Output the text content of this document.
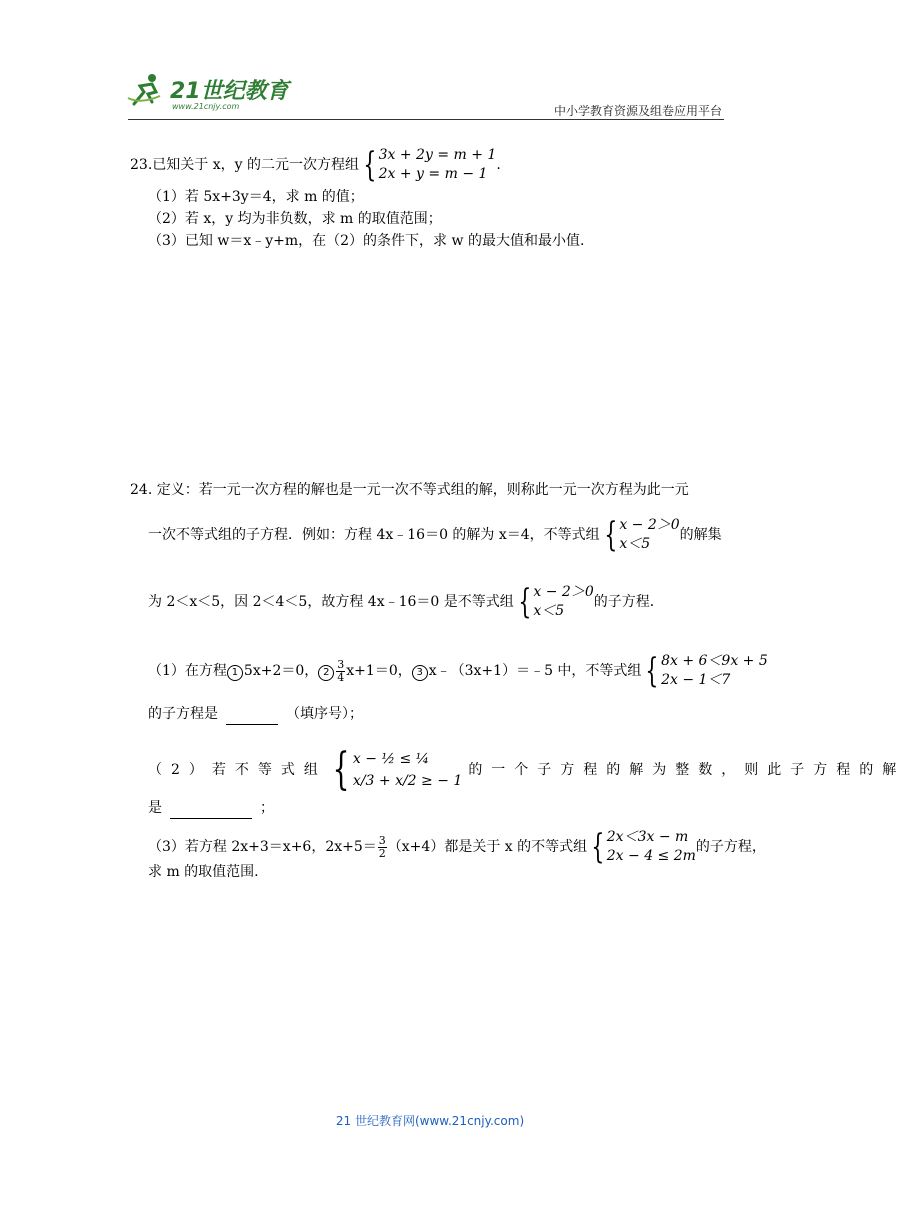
21世纪教育
www.21cnjy.com	中小学教育资源及组卷应用平台
23.已知关于 x，y 的二元一次方程组 { 3x + 2y = m + 1
2x + y = m − 1
.
（1）若 5x+3y＝4，求 m 的值；
（2）若 x，y 均为非负数，求 m 的取值范围；
（3）已知 w＝x﹣y+m，在（2）的条件下，求 w 的最大值和最小值.
24. 定义：若一元一次方程的解也是一元一次不等式组的解，则称此一元一次方程为此一元
一次不等式组的子方程．例如：方程 4x﹣16＝0 的解为 x＝4，不等式组 { x − 2＞0
x＜5
的解集
为 2＜x＜5，因 2＜4＜5，故方程 4x﹣16＝0 是不等式组 { x − 2＞0
x＜5
的子方程．
（1）在方程 1 5x+2＝0， $2 \frac{3}{4} x+1=0$， 3 x﹣（3x+1）＝﹣5 中，不等式组 { 8x + 6＜9x + 5
2x − 1＜7
的子方程是	（填序号）；
（2）若不等式组 { x − ½ ≤ ¼
x/3 + x/2 ≥ − 1
的一个子方程的解为整数，则此子方程的解
是	；
（3）若方程 2x+3＝x+6，$2x+5= \frac{3}{2} (x+4)$都是关于 x 的不等式组 { 2x＜3x − m
2x − 4 ≤ 2m
的子方程，
求 m 的取值范围.
21 世纪教育网(www.21cnjy.com)
